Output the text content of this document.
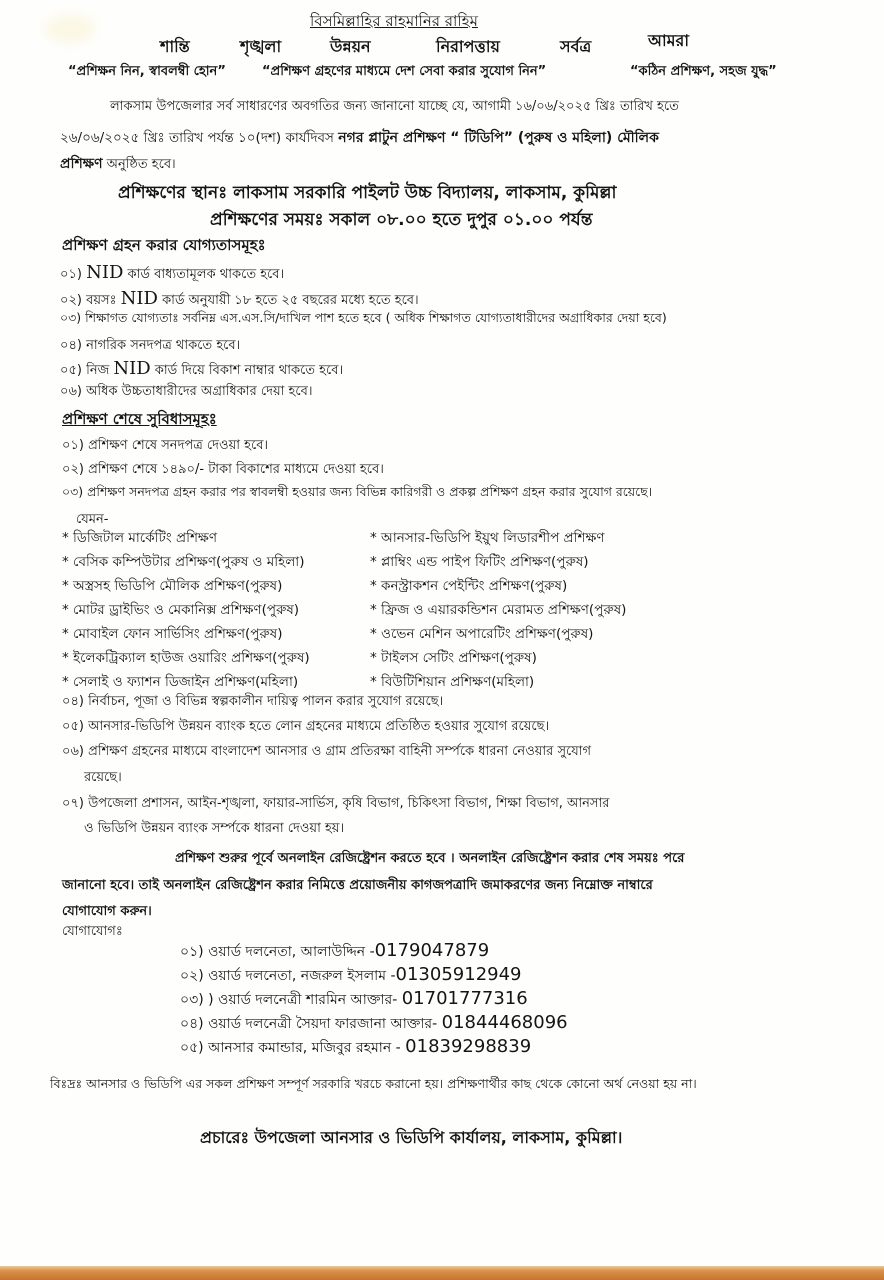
বিসমিল্লাহির রাহমানির রাহিম
শান্তি	শৃঙ্খলা	উন্নয়ন	নিরাপত্তায়	সর্বত্র	আমরা
“প্রশিক্ষন নিন, স্বাবলম্বী হোন”	“প্রশিক্ষণ গ্রহণের মাধ্যমে দেশ সেবা করার সুযোগ নিন”	“কঠিন প্রশিক্ষণ, সহজ যুদ্ধ”
লাকসাম উপজেলার সর্ব সাধারণের অবগতির জন্য জানানো যাচ্ছে যে, আগামী ১৬/০৬/২০২৫ খ্রিঃ তারিখ হতে
২৬/০৬/২০২৫ খ্রিঃ তারিখ পর্যন্ত ১০(দশ) কার্যদিবস নগর প্লাটুন প্রশিক্ষণ “ টিডিপি” (পুরুষ ও মহিলা) মৌলিক
প্রশিক্ষণ অনুষ্ঠিত হবে।
প্রশিক্ষণের স্থানঃ লাকসাম সরকারি পাইলট উচ্চ বিদ্যালয়, লাকসাম, কুমিল্লা
প্রশিক্ষণের সময়ঃ সকাল ০৮.০০ হতে দুপুর ০১.০০ পর্যন্ত
প্রশিক্ষণ গ্রহন করার যোগ্যতাসমূহঃ
০১) NID কার্ড বাধ্যতামূলক থাকতে হবে।
০২) বয়সঃ NID কার্ড অনুযায়ী ১৮ হতে ২৫ বছরের মধ্যে হতে হবে।
০৩) শিক্ষাগত যোগ্যতাঃ সর্বনিম্ন এস.এস.সি/দাখিল পাশ হতে হবে ( অধিক শিক্ষাগত যোগ্যতাধারীদের অগ্রাধিকার দেয়া হবে)
০৪) নাগরিক সনদপত্র থাকতে হবে।
০৫) নিজ NID কার্ড দিয়ে বিকাশ নাম্বার থাকতে হবে।
০৬) অধিক উচ্চতাধারীদের অগ্রাধিকার দেয়া হবে।
প্রশিক্ষণ শেষে সুবিধাসমূহঃ
০১) প্রশিক্ষণ শেষে সনদপত্র দেওয়া হবে।
০২) প্রশিক্ষণ শেষে ১৪৯০/- টাকা বিকাশের মাধ্যমে দেওয়া হবে।
০৩) প্রশিক্ষণ সনদপত্র গ্রহন করার পর স্বাবলম্বী হওয়ার জন্য বিভিন্ন কারিগরী ও প্রকল্প প্রশিক্ষণ গ্রহন করার সুযোগ রয়েছে।
যেমন-
* ডিজিটাল মার্কেটিং প্রশিক্ষণ
* বেসিক কম্পিউটার প্রশিক্ষণ(পুরুষ ও মহিলা)
* অস্ত্রসহ ভিডিপি মৌলিক প্রশিক্ষণ(পুরুষ)
* মোটর ড্রাইভিং ও মেকানিক্স প্রশিক্ষণ(পুরুষ)
* মোবাইল ফোন সার্ভিসিং প্রশিক্ষণ(পুরুষ)
* ইলেকট্রিক্যাল হাউজ ওয়ারিং প্রশিক্ষণ(পুরুষ)
* সেলাই ও ফ্যাশন ডিজাইন প্রশিক্ষণ(মহিলা)
* আনসার-ভিডিপি ইয়ুথ লিডারশীপ প্রশিক্ষণ
* প্লাম্বিং এন্ড পাইপ ফিটিং প্রশিক্ষণ(পুরুষ)
* কনস্ট্রাকশন পেইন্টিং প্রশিক্ষণ(পুরুষ)
* ফ্রিজ ও এয়ারকন্ডিশন মেরামত প্রশিক্ষণ(পুরুষ)
* ওভেন মেশিন অপারেটিং প্রশিক্ষণ(পুরুষ)
* টাইলস সেটিং প্রশিক্ষণ(পুরুষ)
* বিউটিশিয়ান প্রশিক্ষণ(মহিলা)
০৪) নির্বাচন, পূজা ও বিভিন্ন স্বল্পকালীন দায়িত্ব পালন করার সুযোগ রয়েছে।
০৫) আনসার-ভিডিপি উন্নয়ন ব্যাংক হতে লোন গ্রহনের মাধ্যমে প্রতিষ্ঠিত হওয়ার সুযোগ রয়েছে।
০৬) প্রশিক্ষণ গ্রহনের মাধ্যমে বাংলাদেশ আনসার ও গ্রাম প্রতিরক্ষা বাহিনী সর্ম্পকে ধারনা নেওয়ার সুযোগ
রয়েছে।
০৭) উপজেলা প্রশাসন, আইন-শৃঙ্খলা, ফায়ার-সার্ভিস, কৃষি বিভাগ, চিকিৎসা বিভাগ, শিক্ষা বিভাগ, আনসার
ও ভিডিপি উন্নয়ন ব্যাংক সর্ম্পকে ধারনা দেওয়া হয়।
প্রশিক্ষণ শুরুর পূর্বে অনলাইন রেজিষ্ট্রেশন করতে হবে । অনলাইন রেজিষ্ট্রেশন করার শেষ সময়ঃ পরে
জানানো হবে। তাই অনলাইন রেজিষ্ট্রেশন করার নিমিত্তে প্রয়োজনীয় কাগজপত্রাদি জমাকরণের জন্য নিম্নোক্ত নাম্বারে
যোগাযোগ করুন।
যোগাযোগঃ
০১) ওয়ার্ড দলনেতা, আলাউদ্দিন -0179047879
০২) ওয়ার্ড দলনেতা, নজরুল ইসলাম -01305912949
০৩) ) ওয়ার্ড দলনেত্রী শারমিন আক্তার- 01701777316
০৪) ওয়ার্ড দলনেত্রী সৈয়দা ফারজানা আক্তার- 01844468096
০৫) আনসার কমান্ডার, মজিবুর রহমান - 01839298839
বিঃদ্রঃ আনসার ও ভিডিপি এর সকল প্রশিক্ষণ সম্পূর্ণ সরকারি খরচে করানো হয়। প্রশিক্ষণার্থীর কাছ থেকে কোনো অর্থ নেওয়া হয় না।
প্রচারেঃ উপজেলা আনসার ও ভিডিপি কার্যালয়, লাকসাম, কুমিল্লা।
